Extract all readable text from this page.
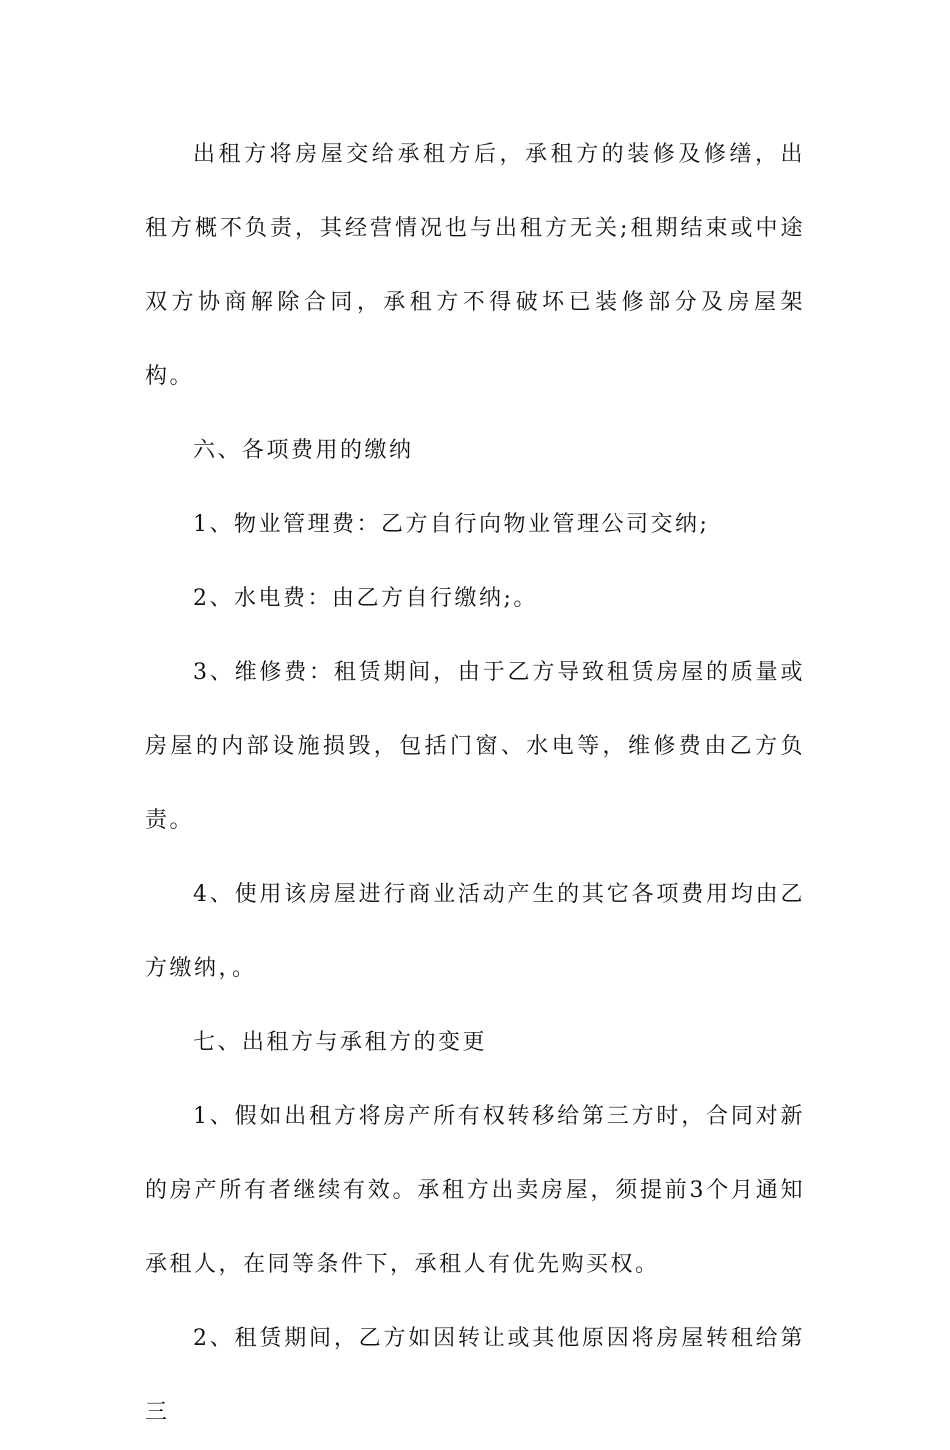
出租方将房屋交给承租方后，承租方的装修及修缮，出租方概不负责，其经营情况也与出租方无关;租期结束或中途双方协商解除合同，承租方不得破坏已装修部分及房屋架构。

六、各项费用的缴纳

1、物业管理费：乙方自行向物业管理公司交纳;

2、水电费：由乙方自行缴纳;。

3、维修费：租赁期间，由于乙方导致租赁房屋的质量或房屋的内部设施损毁，包括门窗、水电等，维修费由乙方负责。

4、使用该房屋进行商业活动产生的其它各项费用均由乙方缴纳，。

七、出租方与承租方的变更

1、假如出租方将房产所有权转移给第三方时，合同对新的房产所有者继续有效。承租方出卖房屋，须提前3个月通知承租人，在同等条件下，承租人有优先购买权。

2、租赁期间，乙方如因转让或其他原因将房屋转租给第三
